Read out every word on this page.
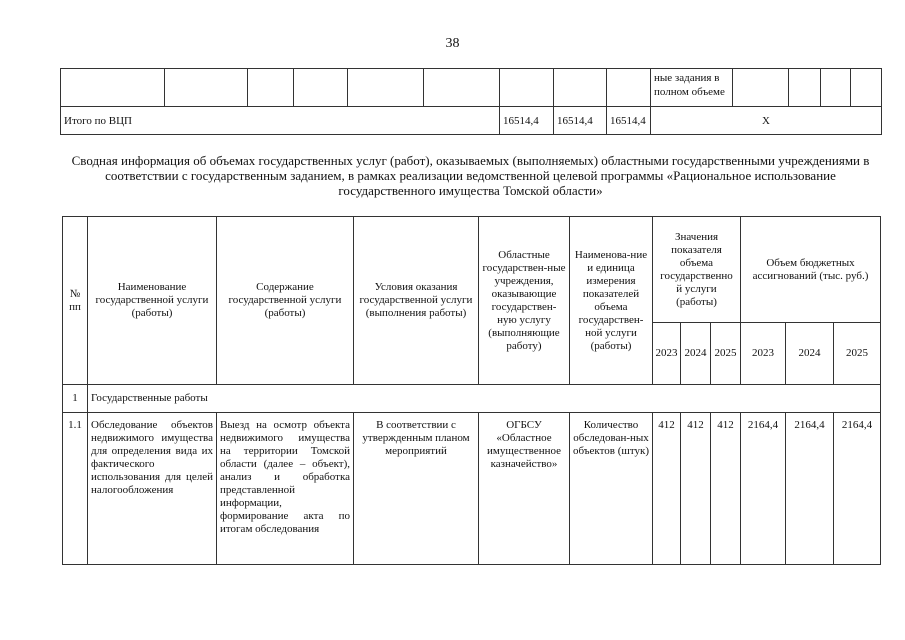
38
									ные задания в полном объеме				
Итого по ВЦП						16514,4	16514,4	16514,4	Х				
Сводная информация об объемах государственных услуг (работ), оказываемых (выполняемых) областными государственными учреждениями в соответствии с государственным заданием, в рамках реализации ведомственной целевой программы «Рациональное использование государственного имущества Томской области»
№ пп	Наименование государственной услуги (работы)	Содержание государственной услуги (работы)	Условия оказания государственной услуги (выполнения работы)	Областные государствен-ные учреждения, оказывающие государствен-ную услугу (выполняющие работу)	Наименова-ние и единица измерения показателей объема государствен-ной услуги (работы)	Значения показателя объема государственно й услуги (работы)			Объем бюджетных ассигнований (тыс. руб.)		
						2023	2024	2025	2023	2024	2025
1	Государственные работы										
1.1	Обследование объектов недвижимого имущества для определения вида их фактического использования для целей налогообложения	Выезд на осмотр объекта недвижимого имущества на территории Томской области (далее – объект), анализ и обработка представленной информации, формирование акта по итогам обследования	В соответствии с утвержденным планом мероприятий	ОГБСУ «Областное имущественное казначейство»	Количество обследован-ных объектов (штук)	412	412	412	2164,4	2164,4	2164,4
